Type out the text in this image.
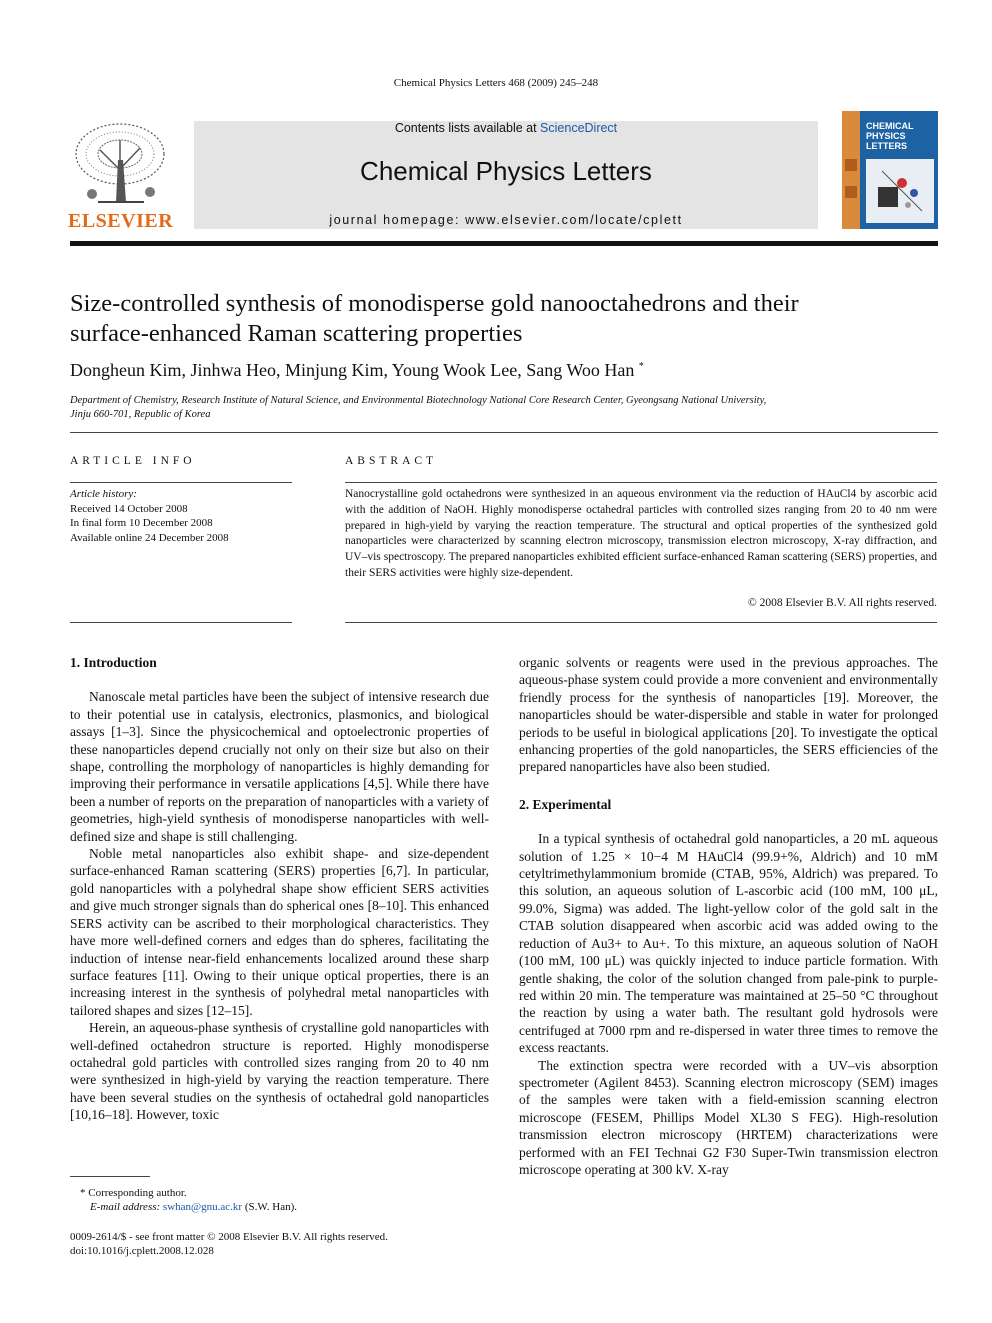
Chemical Physics Letters 468 (2009) 245–248
ELSEVIER
Contents lists available at ScienceDirect
Chemical Physics Letters
journal homepage: www.elsevier.com/locate/cplett
CHEMICAL
PHYSICS
LETTERS
Size-controlled synthesis of monodisperse gold nanooctahedrons and their
surface-enhanced Raman scattering properties
Dongheun Kim, Jinhwa Heo, Minjung Kim, Young Wook Lee, Sang Woo Han *
Department of Chemistry, Research Institute of Natural Science, and Environmental Biotechnology National Core Research Center, Gyeongsang National University,
Jinju 660-701, Republic of Korea
ARTICLE INFO
Article history:
Received 14 October 2008
In final form 10 December 2008
Available online 24 December 2008
ABSTRACT
Nanocrystalline gold octahedrons were synthesized in an aqueous environment via the reduction of HAuCl4 by ascorbic acid with the addition of NaOH. Highly monodisperse octahedral particles with controlled sizes ranging from 20 to 40 nm were prepared in high-yield by varying the reaction temperature. The structural and optical properties of the synthesized gold nanoparticles were characterized by scanning electron microscopy, transmission electron microscopy, X-ray diffraction, and UV–vis spectroscopy. The prepared nanoparticles exhibited efficient surface-enhanced Raman scattering (SERS) properties, and their SERS activities were highly size-dependent.
© 2008 Elsevier B.V. All rights reserved.
1. Introduction

Nanoscale metal particles have been the subject of intensive research due to their potential use in catalysis, electronics, plasmonics, and biological assays [1–3]. Since the physicochemical and optoelectronic properties of these nanoparticles depend crucially not only on their size but also on their shape, controlling the morphology of nanoparticles is highly demanding for improving their performance in versatile applications [4,5]. While there have been a number of reports on the preparation of nanoparticles with a variety of geometries, high-yield synthesis of monodisperse nanoparticles with well-defined size and shape is still challenging.

Noble metal nanoparticles also exhibit shape- and size-dependent surface-enhanced Raman scattering (SERS) properties [6,7]. In particular, gold nanoparticles with a polyhedral shape show efficient SERS activities and give much stronger signals than do spherical ones [8–10]. This enhanced SERS activity can be ascribed to their morphological characteristics. They have more well-defined corners and edges than do spheres, facilitating the induction of intense near-field enhancements localized around these sharp surface features [11]. Owing to their unique optical properties, there is an increasing interest in the synthesis of polyhedral metal nanoparticles with tailored shapes and sizes [12–15].

Herein, an aqueous-phase synthesis of crystalline gold nanoparticles with well-defined octahedron structure is reported. Highly monodisperse octahedral gold particles with controlled sizes ranging from 20 to 40 nm were synthesized in high-yield by varying the reaction temperature. There have been several studies on the synthesis of octahedral gold nanoparticles [10,16–18]. However, toxic

organic solvents or reagents were used in the previous approaches. The aqueous-phase system could provide a more convenient and environmentally friendly process for the synthesis of nanoparticles [19]. Moreover, the nanoparticles should be water-dispersible and stable in water for prolonged periods to be useful in biological applications [20]. To investigate the optical enhancing properties of the gold nanoparticles, the SERS efficiencies of the prepared nanoparticles have also been studied.

2. Experimental

In a typical synthesis of octahedral gold nanoparticles, a 20 mL aqueous solution of 1.25 × 10−4 M HAuCl4 (99.9+%, Aldrich) and 10 mM cetyltrimethylammonium bromide (CTAB, 95%, Aldrich) was prepared. To this solution, an aqueous solution of L-ascorbic acid (100 mM, 100 μL, 99.0%, Sigma) was added. The light-yellow color of the gold salt in the CTAB solution disappeared when ascorbic acid was added owing to the reduction of Au3+ to Au+. To this mixture, an aqueous solution of NaOH (100 mM, 100 μL) was quickly injected to induce particle formation. With gentle shaking, the color of the solution changed from pale-pink to purple-red within 20 min. The temperature was maintained at 25–50 °C throughout the reaction by using a water bath. The resultant gold hydrosols were centrifuged at 7000 rpm and re-dispersed in water three times to remove the excess reactants.

The extinction spectra were recorded with a UV–vis absorption spectrometer (Agilent 8453). Scanning electron microscopy (SEM) images of the samples were taken with a field-emission scanning electron microscope (FESEM, Phillips Model XL30 S FEG). High-resolution transmission electron microscopy (HRTEM) characterizations were performed with an FEI Technai G2 F30 Super-Twin transmission electron microscope operating at 300 kV. X-ray

* Corresponding author.
E-mail address: swhan@gnu.ac.kr (S.W. Han).
0009-2614/$ - see front matter © 2008 Elsevier B.V. All rights reserved.
doi:10.1016/j.cplett.2008.12.028
